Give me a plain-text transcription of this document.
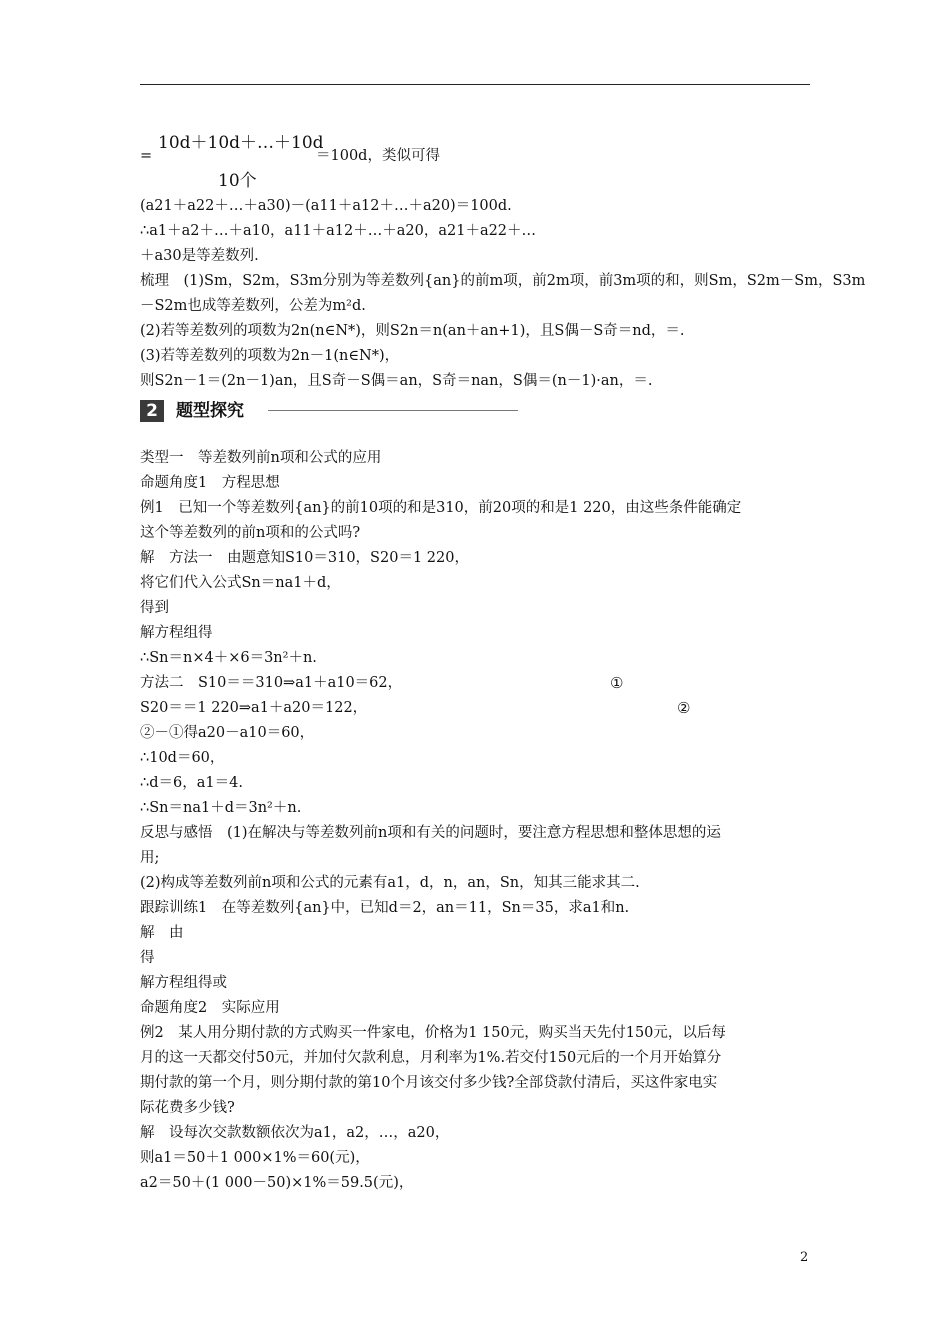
10d＋10d＋…＋10d
=	＝100d，类似可得
10个
(a21＋a22＋…＋a30)－(a11＋a12＋…＋a20)＝100d.
∴a1＋a2＋…＋a10，a11＋a12＋…＋a20，a21＋a22＋…
＋a30是等差数列.
梳理　(1)Sm，S2m，S3m分别为等差数列{an}的前m项，前2m项，前3m项的和，则Sm，S2m－Sm，S3m
－S2m也成等差数列，公差为m²d.
(2)若等差数列的项数为2n(n∈N*)，则S2n＝n(an＋an+1)，且S偶－S奇＝nd，＝.
(3)若等差数列的项数为2n－1(n∈N*)，
则S2n－1＝(2n－1)an，且S奇－S偶＝an，S奇＝nan，S偶＝(n－1)·an，＝.
2	题型探究
类型一　等差数列前n项和公式的应用
命题角度1　方程思想
例1　已知一个等差数列{an}的前10项的和是310，前20项的和是1 220，由这些条件能确定
这个等差数列的前n项和的公式吗?
解　方法一　由题意知S10＝310，S20＝1 220，
将它们代入公式Sn＝na1＋d，
得到
解方程组得
∴Sn＝n×4＋×6＝3n²＋n.
方法二　S10＝＝310⇒a1＋a10＝62，	①
S20＝＝1 220⇒a1＋a20＝122，	②
②－①得a20－a10＝60，
∴10d＝60，
∴d＝6，a1＝4.
∴Sn＝na1＋d＝3n²＋n.
反思与感悟　(1)在解决与等差数列前n项和有关的问题时，要注意方程思想和整体思想的运
用;
(2)构成等差数列前n项和公式的元素有a1，d，n，an，Sn，知其三能求其二.
跟踪训练1　在等差数列{an}中，已知d＝2，an＝11，Sn＝35，求a1和n.
解　由
得
解方程组得或
命题角度2　实际应用
例2　某人用分期付款的方式购买一件家电，价格为1 150元，购买当天先付150元，以后每
月的这一天都交付50元，并加付欠款利息，月利率为1%.若交付150元后的一个月开始算分
期付款的第一个月，则分期付款的第10个月该交付多少钱?全部贷款付清后，买这件家电实
际花费多少钱?
解　设每次交款数额依次为a1，a2，…，a20，
则a1＝50＋1 000×1%＝60(元)，
a2＝50＋(1 000－50)×1%＝59.5(元)，
2
